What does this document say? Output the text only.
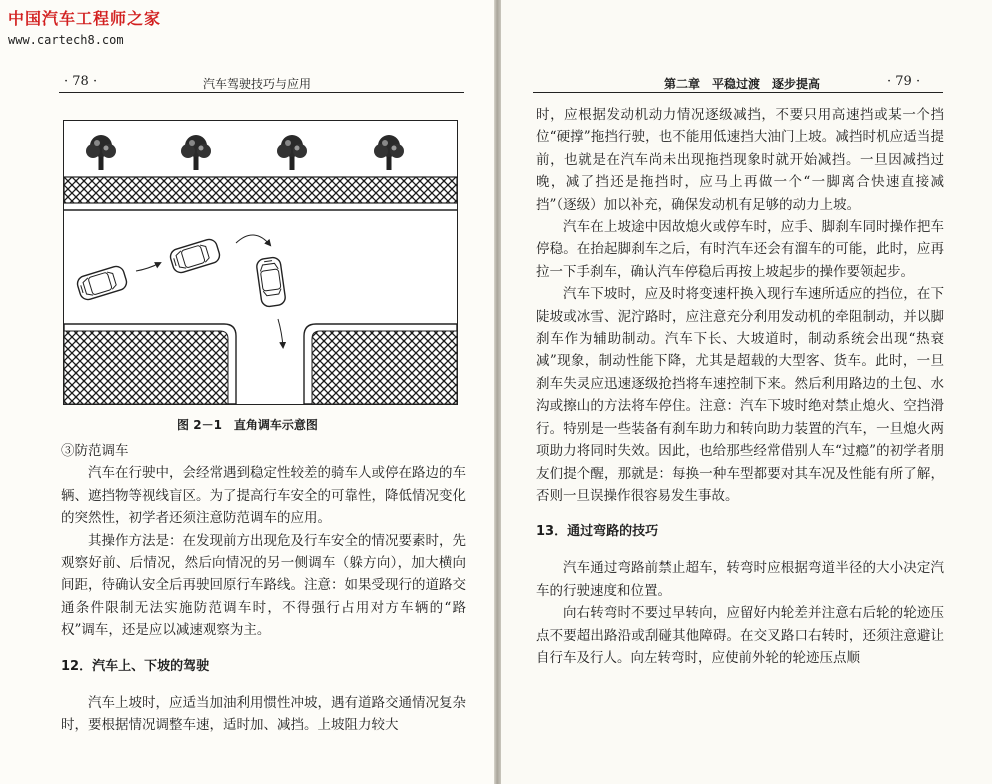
中国汽车工程师之家
www.cartech8.com
· 78 ·	汽车驾驶技巧与应用
图 2－1　直角调车示意图

③防范调车

汽车在行驶中，会经常遇到稳定性较差的骑车人或停在路边的车辆、遮挡物等视线盲区。为了提高行车安全的可靠性，降低情况变化的突然性，初学者还须注意防范调车的应用。

其操作方法是：在发现前方出现危及行车安全的情况要素时，先观察好前、后情况，然后向情况的另一侧调车（躲方向），加大横向间距，待确认安全后再驶回原行车路线。注意：如果受现行的道路交通条件限制无法实施防范调车时，不得强行占用对方车辆的“路权”调车，还是应以减速观察为主。

12．汽车上、下坡的驾驶

汽车上坡时，应适当加油利用惯性冲坡，遇有道路交通情况复杂时，要根据情况调整车速，适时加、减挡。上坡阻力较大

第二章　平稳过渡　逐步提高	· 79 ·

时，应根据发动机动力情况逐级减挡，不要只用高速挡或某一个挡位“硬撑”拖挡行驶，也不能用低速挡大油门上坡。减挡时机应适当提前，也就是在汽车尚未出现拖挡现象时就开始减挡。一旦因减挡过晚，减了挡还是拖挡时，应马上再做一个“一脚离合快速直接减挡”（逐级）加以补充，确保发动机有足够的动力上坡。

汽车在上坡途中因故熄火或停车时，应手、脚刹车同时操作把车停稳。在抬起脚刹车之后，有时汽车还会有溜车的可能，此时，应再拉一下手刹车，确认汽车停稳后再按上坡起步的操作要领起步。

汽车下坡时，应及时将变速杆换入现行车速所适应的挡位，在下陡坡或冰雪、泥泞路时，应注意充分利用发动机的牵阻制动，并以脚刹车作为辅助制动。汽车下长、大坡道时，制动系统会出现“热衰减”现象，制动性能下降，尤其是超载的大型客、货车。此时，一旦刹车失灵应迅速逐级抢挡将车速控制下来。然后利用路边的土包、水沟或擦山的方法将车停住。注意：汽车下坡时绝对禁止熄火、空挡滑行。特别是一些装备有刹车助力和转向助力装置的汽车，一旦熄火两项助力将同时失效。因此，也给那些经常借别人车“过瘾”的初学者朋友们提个醒，那就是：每换一种车型都要对其车况及性能有所了解，否则一旦误操作很容易发生事故。

13．通过弯路的技巧

汽车通过弯路前禁止超车，转弯时应根据弯道半径的大小决定汽车的行驶速度和位置。

向右转弯时不要过早转向，应留好内轮差并注意右后轮的轮迹压点不要超出路沿或刮碰其他障碍。在交叉路口右转时，还须注意避让自行车及行人。向左转弯时，应使前外轮的轮迹压点顺
